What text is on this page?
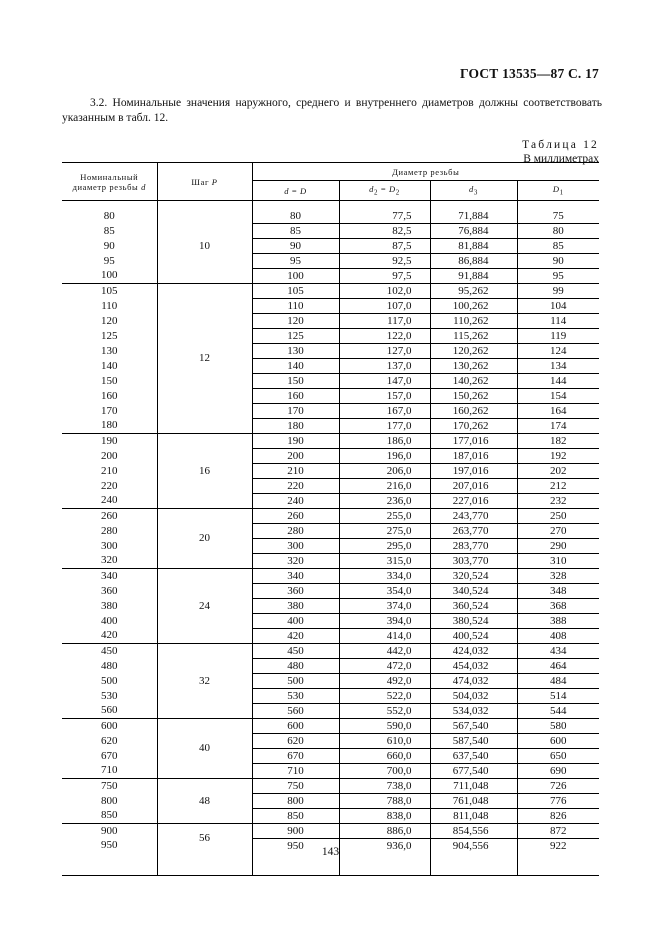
ГОСТ 13535—87 С. 17
3.2. Номинальные значения наружного, среднего и внутреннего диаметров должны соответствовать указанным в табл. 12.
Таблица 12
В миллиметрах
Номинальный
диаметр резьбы d	Шаг P	Диаметр резьбы			
		d = D	$d_2 = D_2$	$d_3$	$D_1$

80	10	80	77,5	71,884	75
85		85	82,5	76,884	80
90		90	87,5	81,884	85
95		95	92,5	86,884	90
100		100	97,5	91,884	95
105	12	105	102,0	95,262	99
110		110	107,0	100,262	104
120		120	117,0	110,262	114
125		125	122,0	115,262	119
130		130	127,0	120,262	124
140		140	137,0	130,262	134
150		150	147,0	140,262	144
160		160	157,0	150,262	154
170		170	167,0	160,262	164
180		180	177,0	170,262	174
190	16	190	186,0	177,016	182
200		200	196,0	187,016	192
210		210	206,0	197,016	202
220		220	216,0	207,016	212
240		240	236,0	227,016	232
260	20	260	255,0	243,770	250
280		280	275,0	263,770	270
300		300	295,0	283,770	290
320		320	315,0	303,770	310
340	24	340	334,0	320,524	328
360		360	354,0	340,524	348
380		380	374,0	360,524	368
400		400	394,0	380,524	388
420		420	414,0	400,524	408
450	32	450	442,0	424,032	434
480		480	472,0	454,032	464
500		500	492,0	474,032	484
530		530	522,0	504,032	514
560		560	552,0	534,032	544
600	40	600	590,0	567,540	580
620		620	610,0	587,540	600
670		670	660,0	637,540	650
710		710	700,0	677,540	690
750	48	750	738,0	711,048	726
800		800	788,0	761,048	776
850		850	838,0	811,048	826
900	56	900	886,0	854,556	872
950		950	936,0	904,556	922

143
